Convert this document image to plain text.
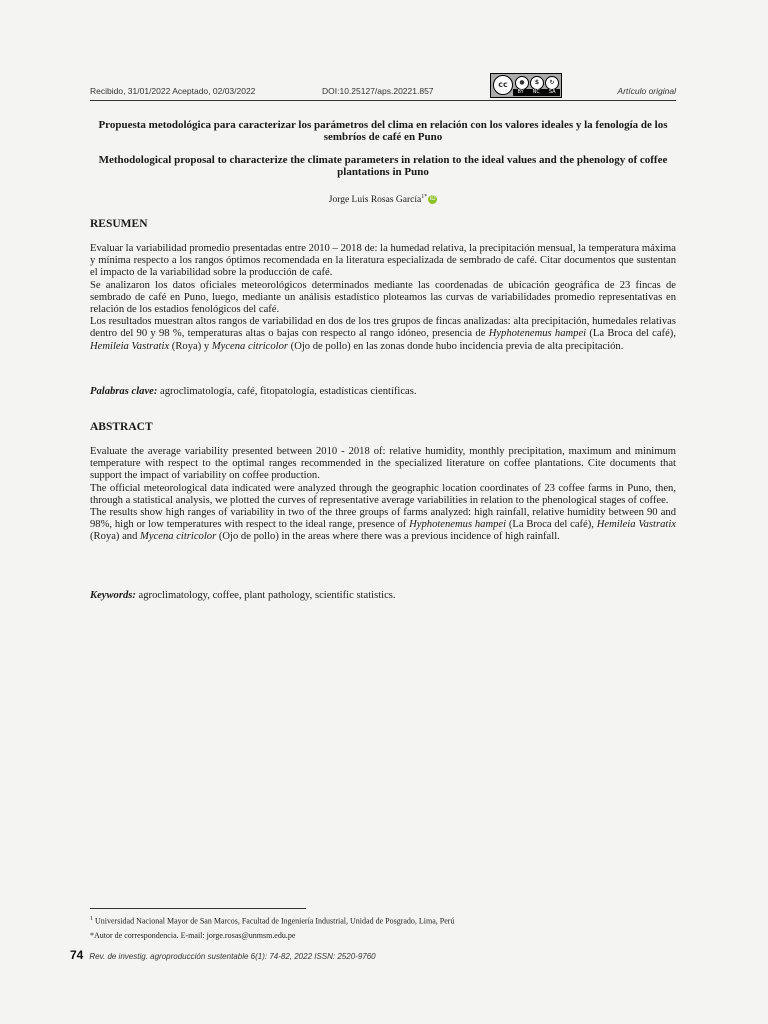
Recibido, 31/01/2022 Aceptado, 02/03/2022	DOI:10.25127/aps.20221.857
cc	●	$	↻
BY NC SA	Artículo original

Propuesta metodológica para caracterizar los parámetros del clima en relación con los valores ideales y la fenología de los sembríos de café en Puno

Methodological proposal to characterize the climate parameters in relation to the ideal values and the phenology of coffee plantations in Puno

Jorge Luis Rosas García$^{1*}$ iD
RESUMEN

Evaluar la variabilidad promedio presentadas entre 2010 – 2018 de: la humedad relativa, la precipitación mensual, la temperatura máxima y mínima respecto a los rangos óptimos recomendada en la literatura especializada de sembrado de café. Citar documentos que sustentan el impacto de la variabilidad sobre la producción de café.

Se analizaron los datos oficiales meteorológicos determinados mediante las coordenadas de ubicación geográfica de 23 fincas de sembrado de café en Puno, luego, mediante un análisis estadístico ploteamos las curvas de variabilidades promedio representativas en relación de los estadios fenológicos del café.

Los resultados muestran altos rangos de variabilidad en dos de los tres grupos de fincas analizadas: alta precipitación, humedales relativas dentro del 90 y 98 %, temperaturas altas o bajas con respecto al rango idóneo, presencia de Hyphotenemus hampei (La Broca del café), Hemileia Vastratix (Roya) y Mycena citricolor (Ojo de pollo) en las zonas donde hubo incidencia previa de alta precipitación.

Palabras clave: agroclimatología, café, fitopatología, estadísticas científicas.
ABSTRACT

Evaluate the average variability presented between 2010 - 2018 of: relative humidity, monthly precipitation, maximum and minimum temperature with respect to the optimal ranges recommended in the specialized literature on coffee plantations. Cite documents that support the impact of variability on coffee production.

The official meteorological data indicated were analyzed through the geographic location coordinates of 23 coffee farms in Puno, then, through a statistical analysis, we plotted the curves of representative average variabilities in relation to the phenological stages of coffee.

The results show high ranges of variability in two of the three groups of farms analyzed: high rainfall, relative humidity between 90 and 98%, high or low temperatures with respect to the ideal range, presence of Hyphotenemus hampei (La Broca del café), Hemileia Vastratix (Roya) and Mycena citricolor (Ojo de pollo) in the areas where there was a previous incidence of high rainfall.

Keywords: agroclimatology, coffee, plant pathology, scientific statistics.

$^1$ Universidad Nacional Mayor de San Marcos, Facultad de Ingeniería Industrial, Unidad de Posgrado, Lima, Perú

*Autor de correspondencia. E-mail: jorge.rosas@unmsm.edu.pe

74 Rev. de investig. agroproducción sustentable 6(1): 74-82, 2022 ISSN: 2520-9760
